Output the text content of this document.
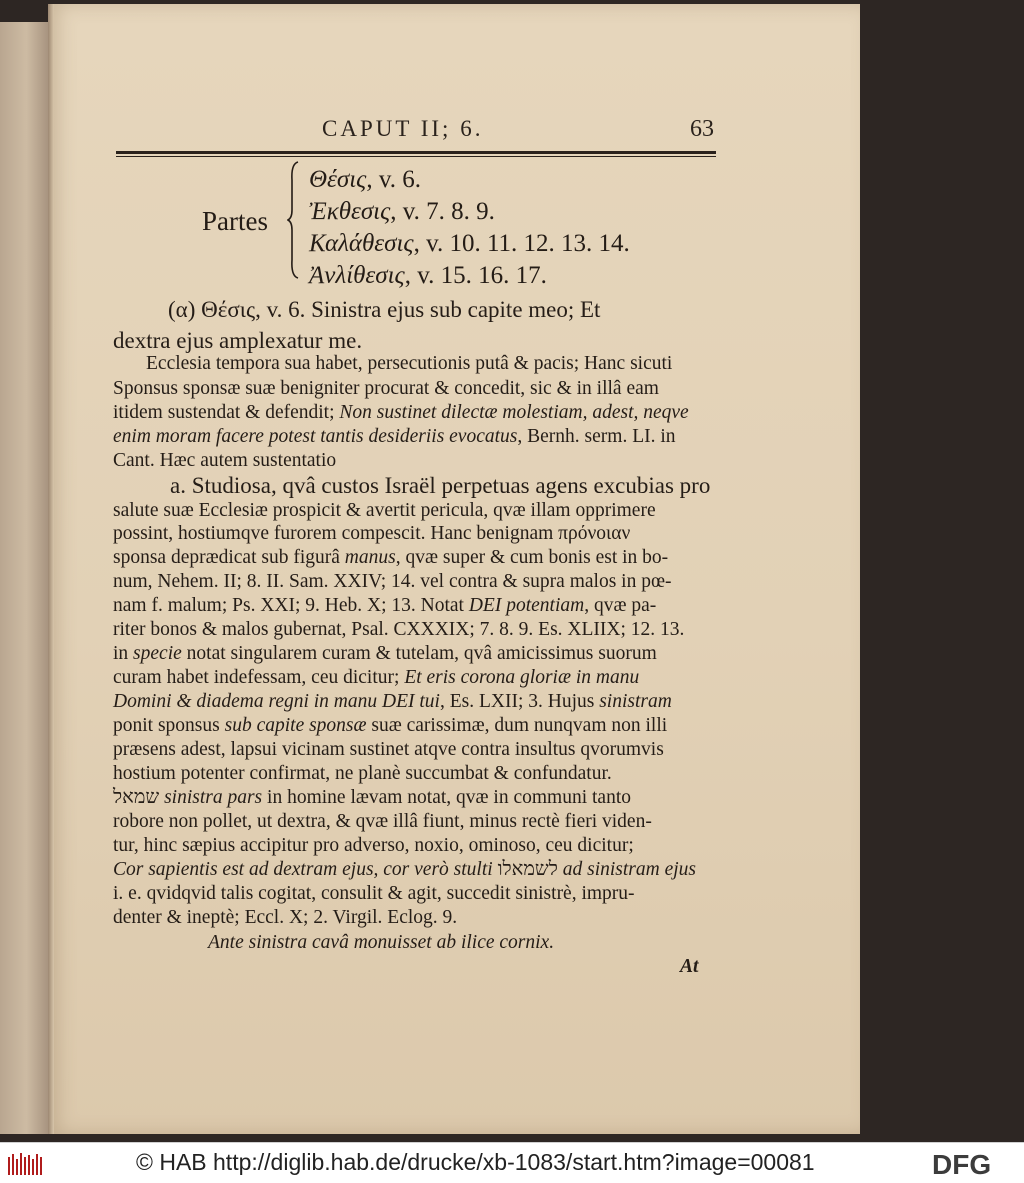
CAPUT II; 6.	63
Partes
Θέσις, v. 6.
Ἐκθεσις, v. 7. 8. 9.
Καλάθεσις, v. 10. 11. 12. 13. 14.
Ἀνλίθεσις, v. 15. 16. 17.
(α) Θέσις, v. 6. Sinistra ejus sub capite meo; Et
dextra ejus amplexatur me.
Ecclesia tempora sua habet, persecutionis putâ & pacis; Hanc sicuti
Sponsus sponsæ suæ benigniter procurat & concedit, sic & in illâ eam
itidem sustendat & defendit; Non sustinet dilectæ molestiam, adest, neqve
enim moram facere potest tantis desideriis evocatus, Bernh. serm. LI. in
Cant. Hæc autem sustentatio
a. Studiosa, qvâ custos Israël perpetuas agens excubias pro
salute suæ Ecclesiæ prospicit & avertit pericula, qvæ illam opprimere
possint, hostiumqve furorem compescit. Hanc benignam πρόνοιαν
sponsa deprædicat sub figurâ manus, qvæ super & cum bonis est in bo-
num, Nehem. II; 8. II. Sam. XXIV; 14. vel contra & supra malos in pœ-
nam f. malum; Ps. XXI; 9. Heb. X; 13. Notat DEI potentiam, qvæ pa-
riter bonos & malos gubernat, Psal. CXXXIX; 7. 8. 9. Es. XLIIX; 12. 13.
in specie notat singularem curam & tutelam, qvâ amicissimus suorum
curam habet indefessam, ceu dicitur; Et eris corona gloriæ in manu
Domini & diadema regni in manu DEI tui, Es. LXII; 3. Hujus sinistram
ponit sponsus sub capite sponsæ suæ carissimæ, dum nunqvam non illi
præsens adest, lapsui vicinam sustinet atqve contra insultus qvorumvis
hostium potenter confirmat, ne planè succumbat & confundatur.
שמאל sinistra pars in homine lævam notat, qvæ in communi tanto
robore non pollet, ut dextra, & qvæ illâ fiunt, minus rectè fieri viden-
tur, hinc sæpius accipitur pro adverso, noxio, ominoso, ceu dicitur;
Cor sapientis est ad dextram ejus, cor verò stulti לשמאלו ad sinistram ejus
i. e. qvidqvid talis cogitat, consulit & agit, succedit sinistrè, impru-
denter & ineptè; Eccl. X; 2. Virgil. Eclog. 9.
Ante sinistra cavâ monuisset ab ilice cornix.
At
© HAB http://diglib.hab.de/drucke/xb-1083/start.htm?image=00081	DFG
